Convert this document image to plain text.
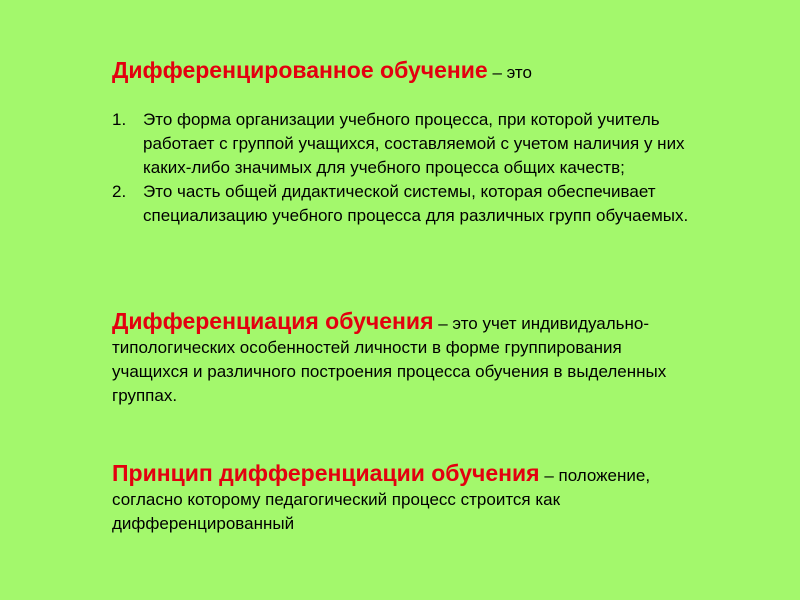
Дифференцированное обучение – это
1. Это форма организации учебного процесса, при которой учитель работает с группой учащихся, составляемой с учетом наличия у них каких-либо значимых для учебного процесса общих качеств;
2. Это часть общей дидактической системы, которая обеспечивает специализацию учебного процесса для различных групп обучаемых.
Дифференциация обучения – это учет индивидуально-типологических особенностей личности в форме группирования учащихся и различного построения процесса обучения в выделенных группах.
Принцип дифференциации обучения – положение, согласно которому педагогический процесс строится как дифференцированный
